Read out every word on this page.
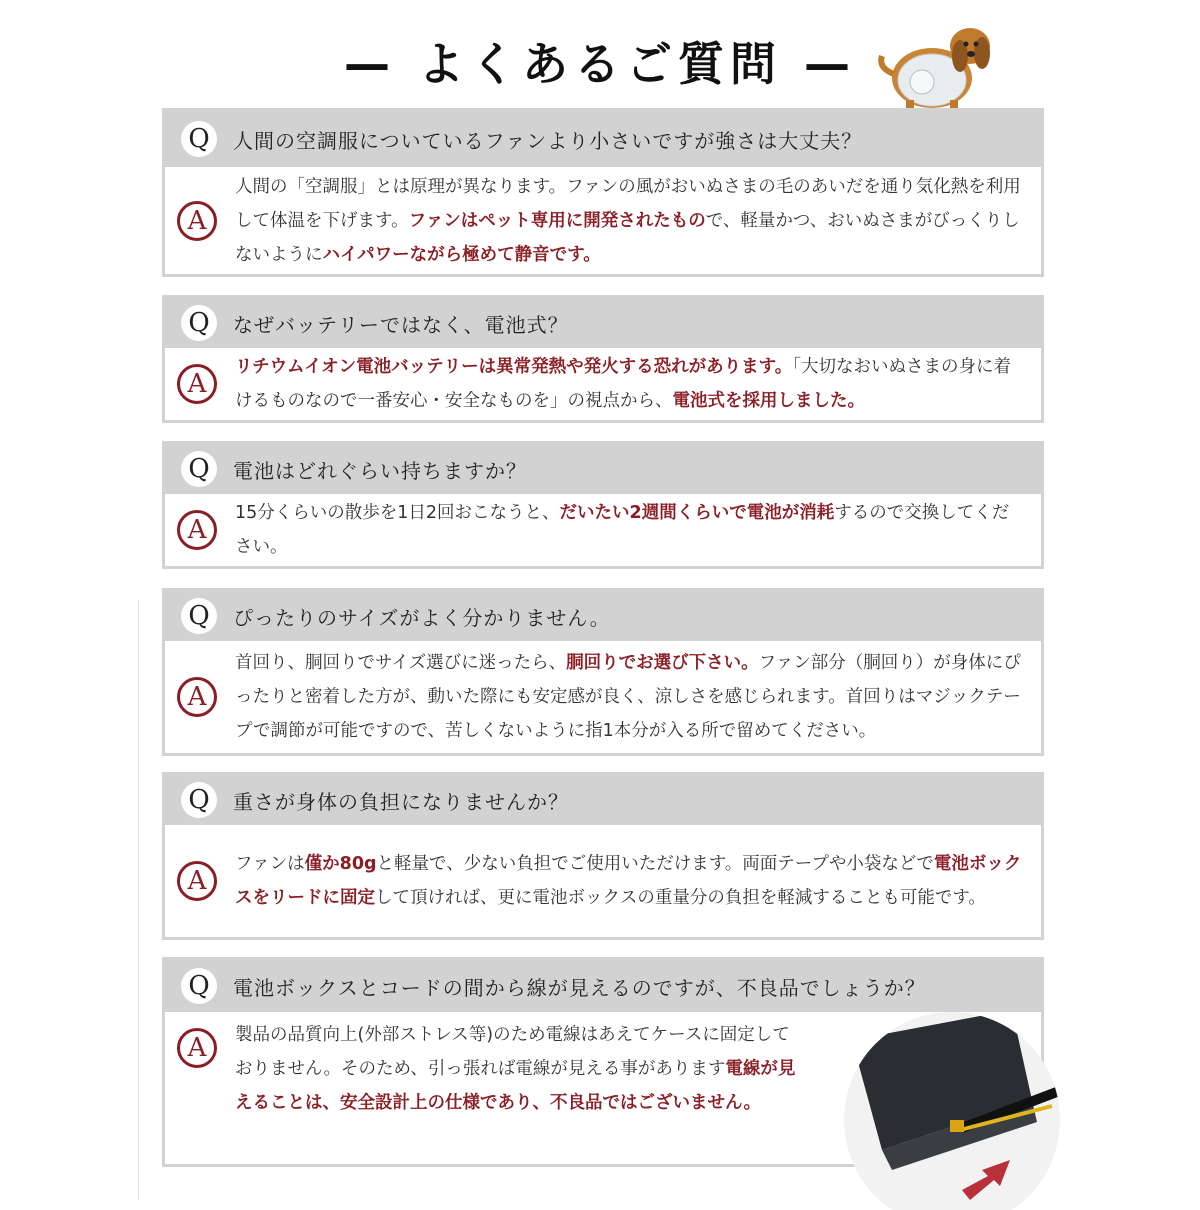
— よくあるご質問 —
Q	人間の空調服についているファンより小さいですが強さは大丈夫？
A
人間の「空調服」とは原理が異なります。ファンの風がおいぬさまの毛のあいだを通り気化熱を利用して体温を下げます。ファンはペット専用に開発されたもので、軽量かつ、おいぬさまがびっくりしないようにハイパワーながら極めて静音です。
Q	なぜバッテリーではなく、電池式？
A
リチウムイオン電池バッテリーは異常発熱や発火する恐れがあります。「大切なおいぬさまの身に着けるものなので一番安心・安全なものを」の視点から、電池式を採用しました。
Q	電池はどれぐらい持ちますか？
A
15分くらいの散歩を1日2回おこなうと、だいたい2週間くらいで電池が消耗するので交換してください。
Q	ぴったりのサイズがよく分かりません。
A
首回り、胴回りでサイズ選びに迷ったら、胴回りでお選び下さい。ファン部分（胴回り）が身体にぴったりと密着した方が、動いた際にも安定感が良く、涼しさを感じられます。首回りはマジックテープで調節が可能ですので、苦しくないように指1本分が入る所で留めてください。
Q	重さが身体の負担になりませんか？
A
ファンは僅か80gと軽量で、少ない負担でご使用いただけます。両面テープや小袋などで電池ボックスをリードに固定して頂ければ、更に電池ボックスの重量分の負担を軽減することも可能です。
Q	電池ボックスとコードの間から線が見えるのですが、不良品でしょうか？
A	製品の品質向上(外部ストレス等)のため電線はあえてケースに固定しておりません。そのため、引っ張れば電線が見える事があります電線が見えることは、安全設計上の仕様であり、不良品ではございません。
